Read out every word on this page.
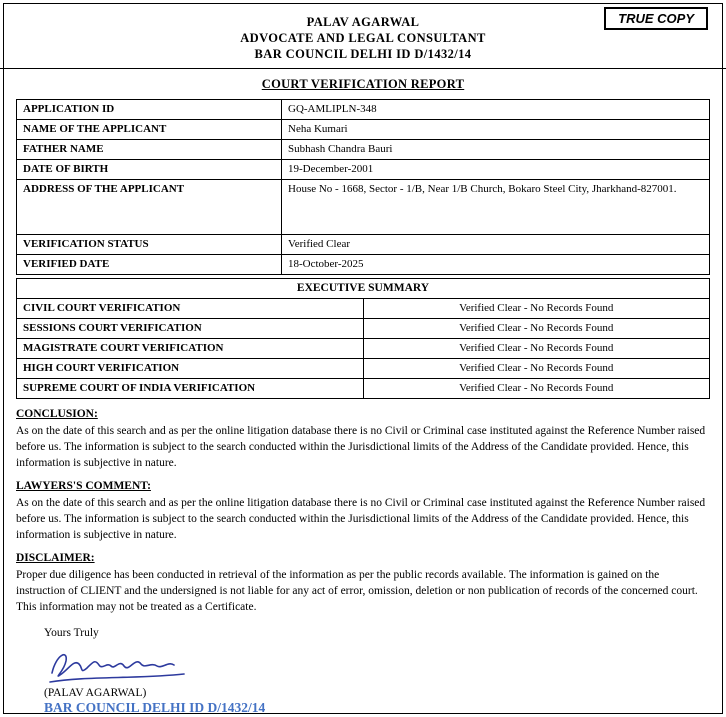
TRUE COPY
PALAV AGARWAL
ADVOCATE AND LEGAL CONSULTANT
BAR COUNCIL DELHI ID D/1432/14
COURT VERIFICATION REPORT
APPLICATION ID	GQ-AMLIPLN-348
NAME OF THE APPLICANT	Neha Kumari
FATHER NAME	Subhash Chandra Bauri
DATE OF BIRTH	19-December-2001
ADDRESS OF THE APPLICANT	House No - 1668, Sector - 1/B, Near 1/B Church, Bokaro Steel City, Jharkhand-827001.
VERIFICATION STATUS	Verified Clear
VERIFIED DATE	18-October-2025
EXECUTIVE SUMMARY	
CIVIL COURT VERIFICATION	Verified Clear - No Records Found
SESSIONS COURT VERIFICATION	Verified Clear - No Records Found
MAGISTRATE COURT VERIFICATION	Verified Clear - No Records Found
HIGH COURT VERIFICATION	Verified Clear - No Records Found
SUPREME COURT OF INDIA VERIFICATION	Verified Clear - No Records Found
CONCLUSION:

As on the date of this search and as per the online litigation database there is no Civil or Criminal case instituted against the Reference Number raised before us. The information is subject to the search conducted within the Jurisdictional limits of the Address of the Candidate provided. Hence, this information is subjective in nature.

LAWYERS'S COMMENT:

As on the date of this search and as per the online litigation database there is no Civil or Criminal case instituted against the Reference Number raised before us. The information is subject to the search conducted within the Jurisdictional limits of the Address of the Candidate provided. Hence, this information is subjective in nature.

DISCLAIMER:

Proper due diligence has been conducted in retrieval of the information as per the public records available. The information is gained on the instruction of CLIENT and the undersigned is not liable for any act of error, omission, deletion or non publication of records of the concerned court. This information may not be treated as a Certificate.

Yours Truly
(PALAV AGARWAL)
BAR COUNCIL DELHI ID D/1432/14
